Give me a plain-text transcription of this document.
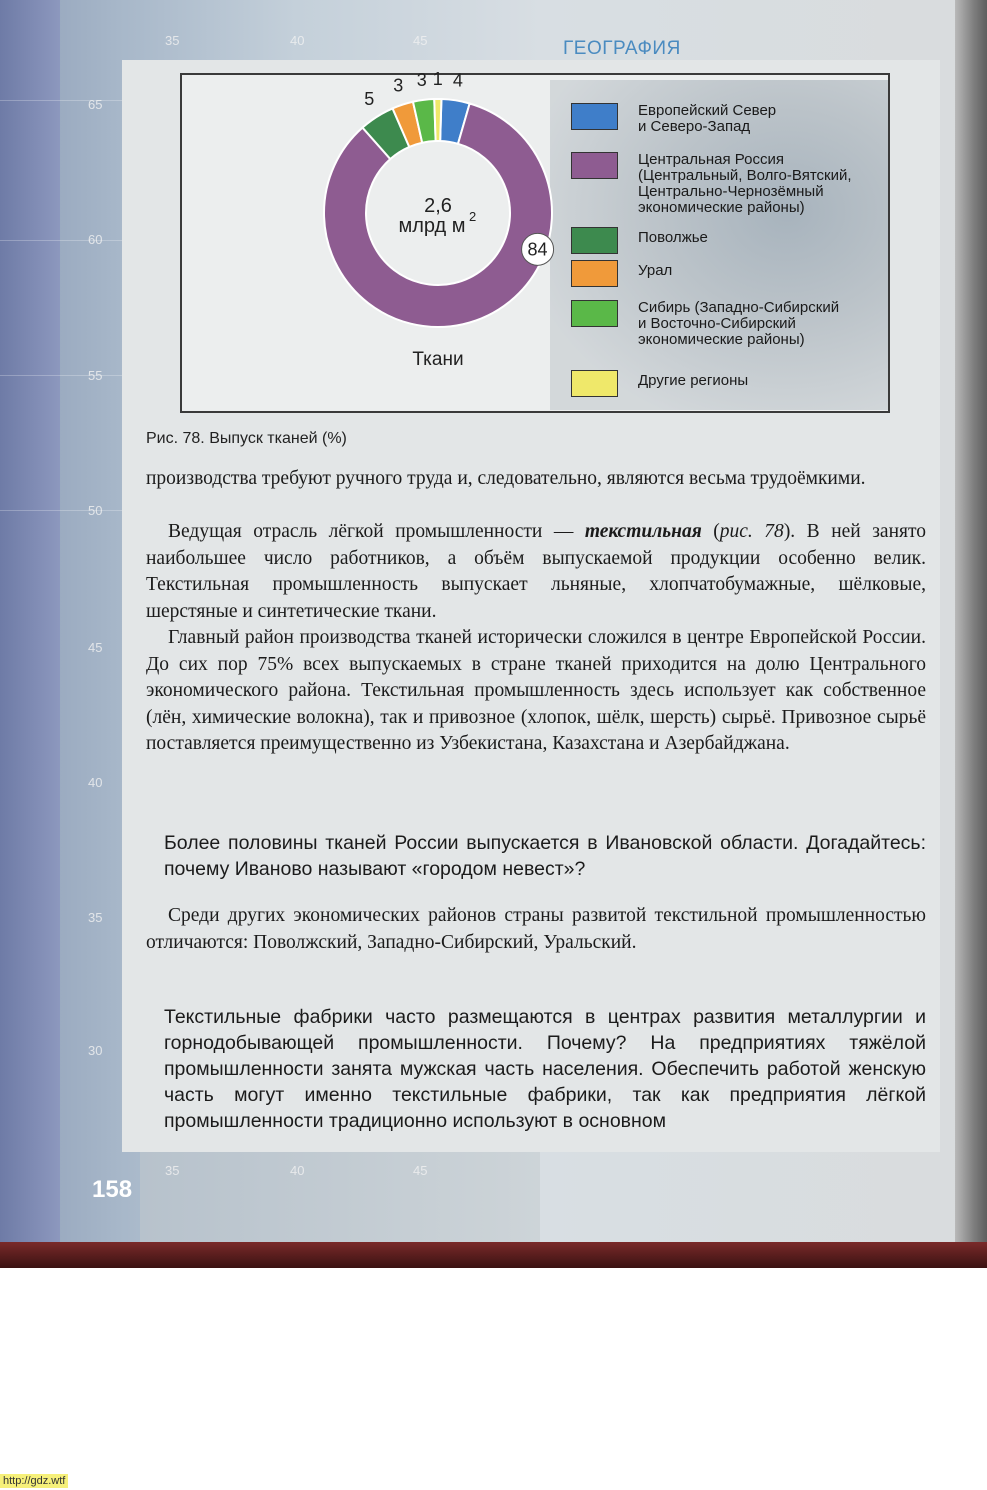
35	40	45
65
60
55
50
45
40
35
30
35	40	45
ГЕОГРАФИЯ
4
84
5
3 3 1
2,6
млрд м 2
Ткани
Европейский Север
и Северо-Запад
Центральная Россия
(Центральный, Волго-Вятский,
Центрально-Чернозёмный
экономические районы)
Поволжье
Урал
Сибирь (Западно-Сибирский
и Восточно-Сибирский
экономические районы)
Другие регионы
Рис. 78. Выпуск тканей (%)
производства требуют ручного труда и, следовательно, являются весьма трудоёмкими.
Ведущая отрасль лёгкой промышленности — текстильная (рис. 78). В ней занято наибольшее число работников, а объём выпускаемой продукции особенно велик. Текстильная промышленность выпускает льняные, хлопчатобумажные, шёлковые, шерстяные и синтетические ткани.
Главный район производства тканей исторически сложился в центре Европейской России. До сих пор 75% всех выпускаемых в стране тканей приходится на долю Центрального экономического района. Текстильная промышленность здесь использует как собственное (лён, химические волокна), так и привозное (хлопок, шёлк, шерсть) сырьё. Привозное сырьё поставляется преимущественно из Узбекистана, Казахстана и Азербайджана.
Более половины тканей России выпускается в Ивановской области. Догадайтесь: почему Иваново называют «городом невест»?
Среди других экономических районов страны развитой текстильной промышленностью отличаются: Поволжский, Западно-Сибирский, Уральский.
Текстильные фабрики часто размещаются в центрах развития металлургии и горнодобывающей промышленности. Почему? На предприятиях тяжёлой промышленности занята мужская часть населения. Обеспечить работой женскую часть могут именно текстильные фабрики, так как предприятия лёгкой промышленности традиционно используют в основном
158
http://gdz.wtf
